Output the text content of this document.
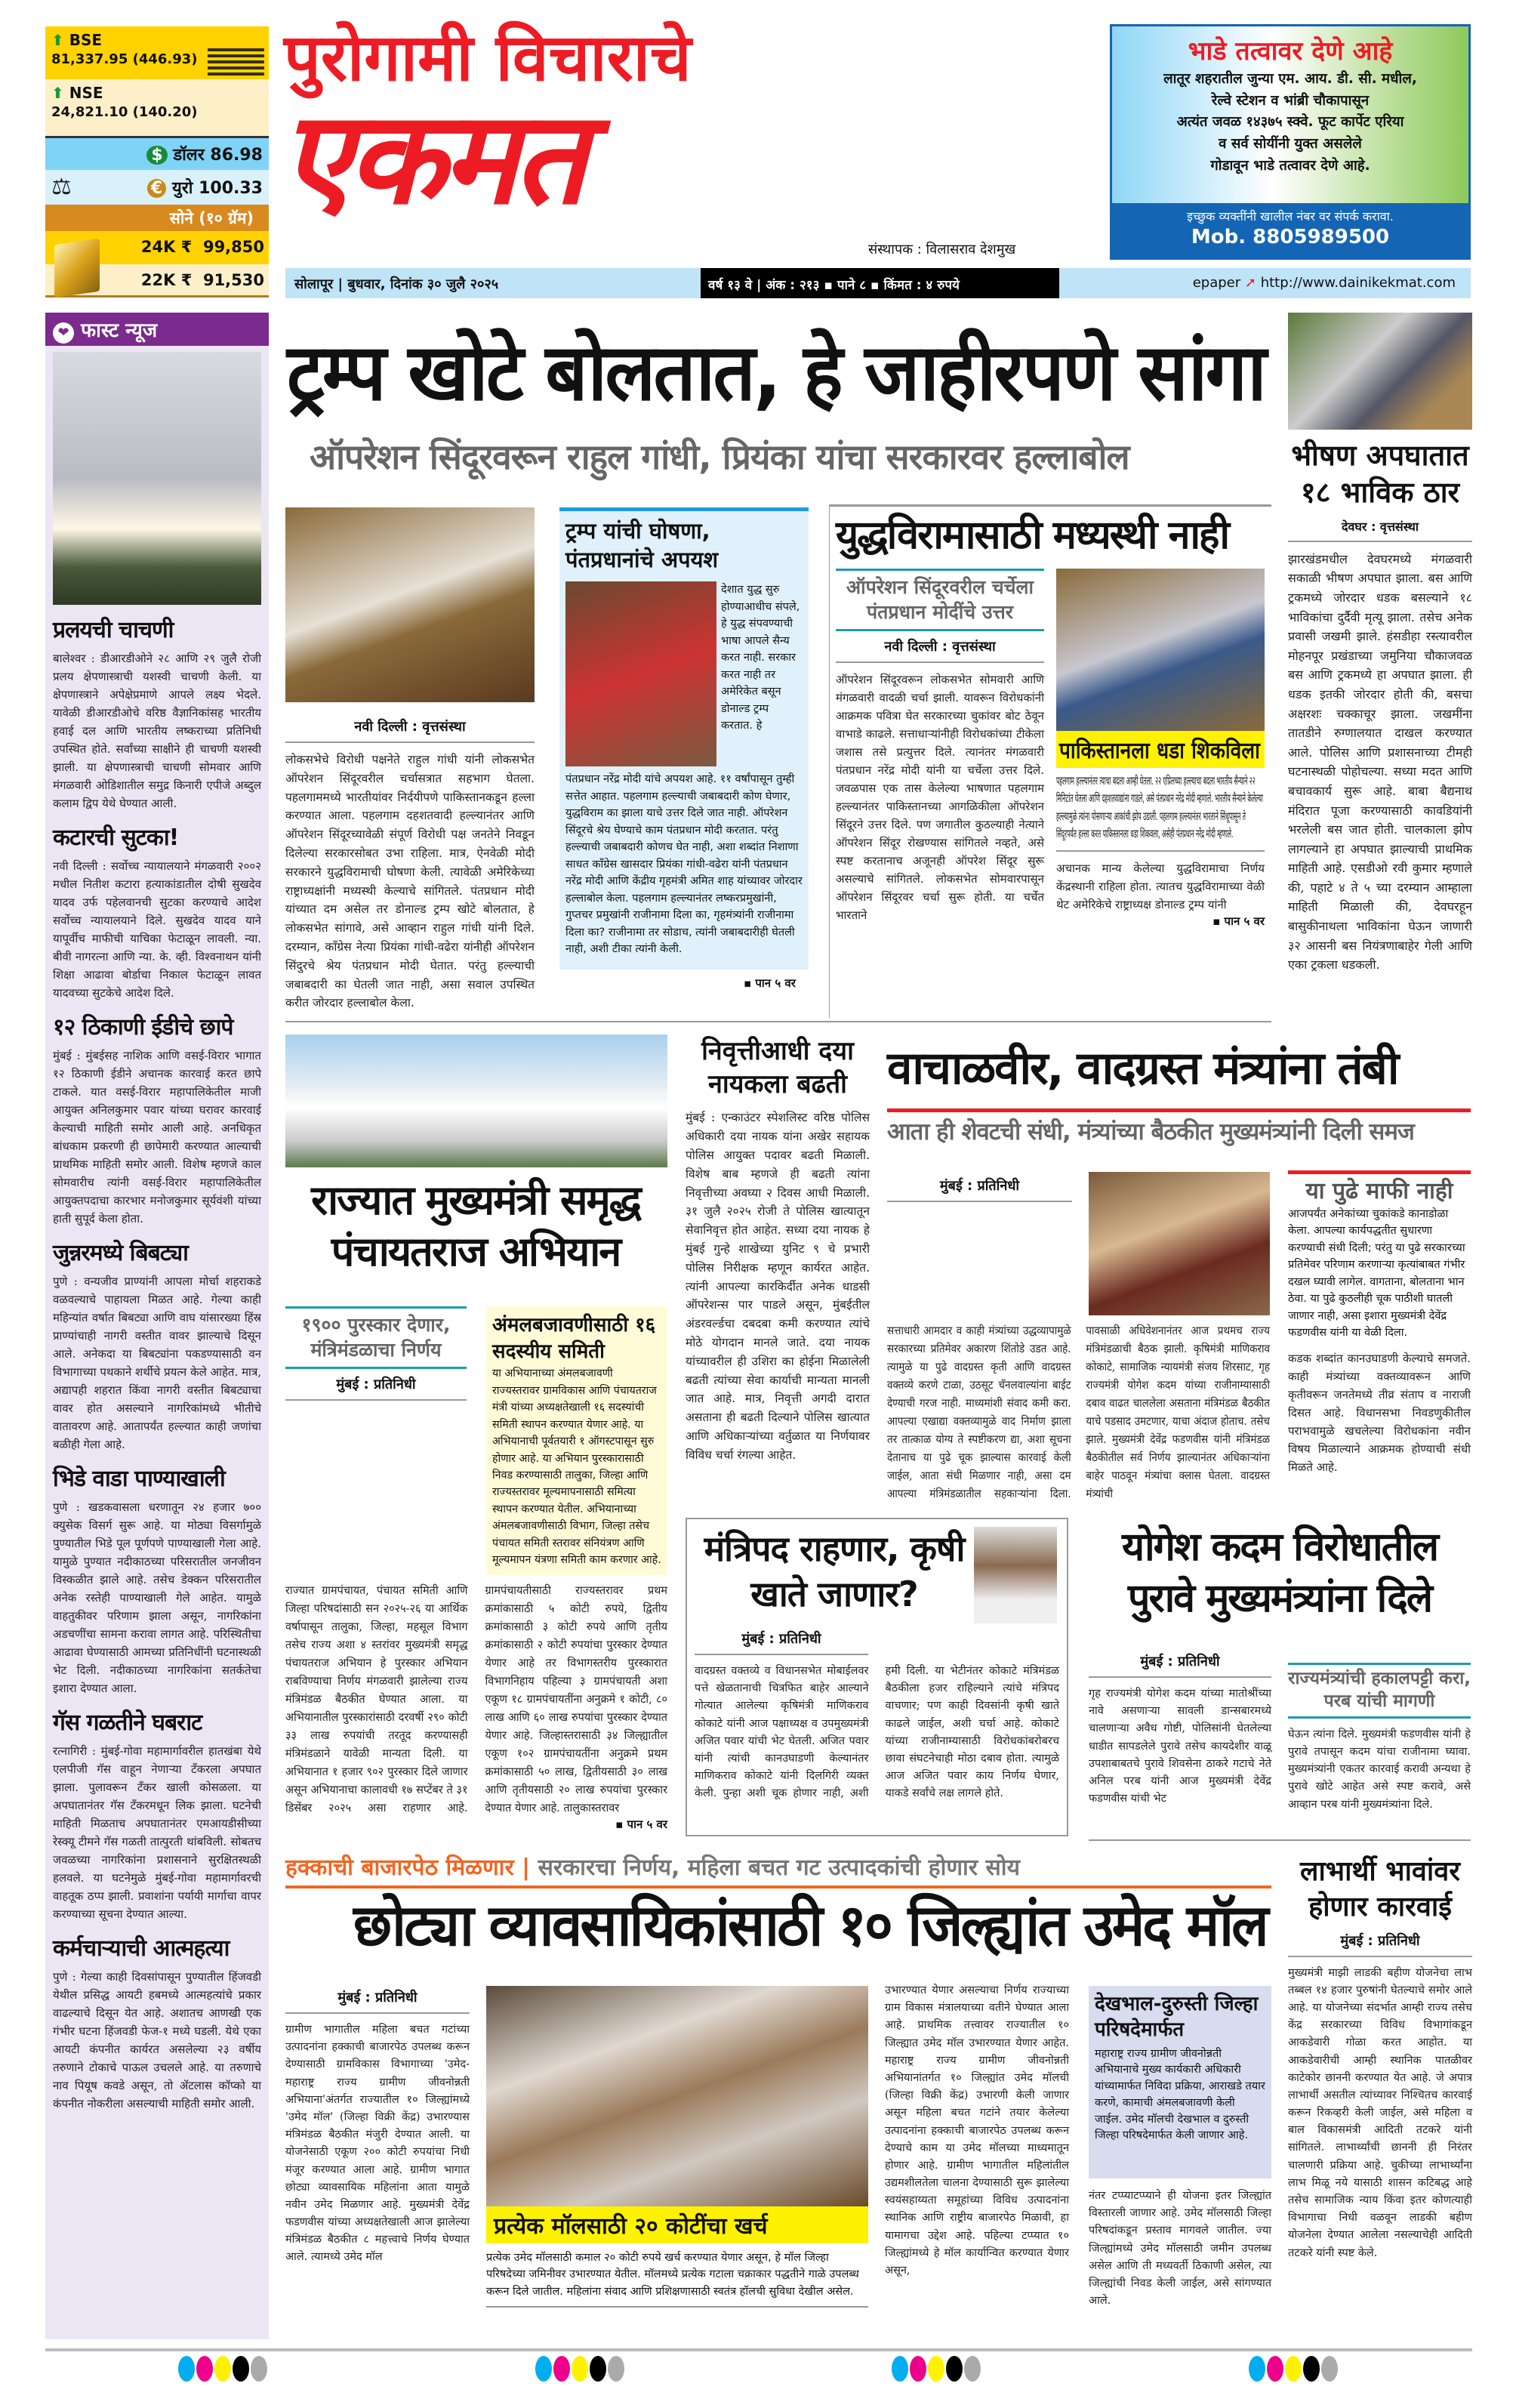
⬆ BSE
81,337.95 (446.93)
⬆ NSE
24,821.10 (140.20)
$ डॉलर 86.98
€ युरो 100.33
⚖
सोने (१० ग्रॅम)
24K ₹ 99,850
22K ₹ 91,530
पुरोगामी विचाराचे
एकमत
संस्थापक : विलासराव देशमुख
भाडे तत्वावर देणे आहे
लातूर शहरातील जुन्या एम. आय. डी. सी. मधील,
रेल्वे स्टेशन व भांब्री चौकापासून
अत्यंत जवळ १४३७५ स्क्वे. फूट कार्पेट एरिया
व सर्व सोयींनी युक्त असलेले
गोडावून भाडे तत्वावर देणे आहे.
इच्छुक व्यक्तींनी खालील नंबर वर संपर्क करावा.
Mob. 8805989500
सोलापूर | बुधवार, दिनांक ३० जुलै २०२५	वर्ष १३ वे | अंक : २१३ ▪ पाने ८ ▪ किंमत : ४ रुपये	epaper ➚ http://www.dainikekmat.com
❤ फास्ट न्यूज
प्रलयची चाचणी
बालेश्वर : डीआरडीओने २८ आणि २९ जुलै रोजी प्रलय क्षेपणास्त्राची यशस्वी चाचणी केली. या क्षेपणास्त्राने अपेक्षेप्रमाणे आपले लक्ष्य भेदले. यावेळी डीआरडीओचे वरिष्ठ वैज्ञानिकांसह भारतीय हवाई दल आणि भारतीय लष्कराच्या प्रतिनिधी उपस्थित होते. सर्वांच्या साक्षीने ही चाचणी यशस्वी झाली. या क्षेपणास्त्राची चाचणी सोमवार आणि मंगळवारी ओडिशातील समुद्र किनारी एपीजे अब्दुल कलाम द्विप येथे घेण्यात आली.
कटारची सुटका!
नवी दिल्ली : सर्वोच्च न्यायालयाने मंगळवारी २००२ मधील नितीश कटारा हत्याकांडातील दोषी सुखदेव यादव उर्फ पहेलवानची सुटका करण्याचे आदेश सर्वोच्च न्यायालयाने दिले. सुखदेव यादव याने यापूर्वीच माफीची याचिका फेटाळून लावली. न्या. बीवी नागरत्ना आणि न्या. के. व्ही. विश्वनाथन यांनी शिक्षा आढावा बोर्डाचा निकाल फेटाळून लावत यादवच्या सुटकेचे आदेश दिले.
१२ ठिकाणी ईडीचे छापे
मुंबई : मुंबईसह नाशिक आणि वसई-विरार भागात १२ ठिकाणी ईडीने अचानक कारवाई करत छापे टाकले. यात वसई-विरार महापालिकेतील माजी आयुक्त अनिलकुमार पवार यांच्या घरावर कारवाई केल्याची माहिती समोर आली आहे. अनधिकृत बांधकाम प्रकरणी ही छापेमारी करण्यात आल्याची प्राथमिक माहिती समोर आली. विशेष म्हणजे काल सोमवारीच त्यांनी वसई-विरार महापालिकेतील आयुक्तपदाचा कारभार मनोजकुमार सूर्यवंशी यांच्या हाती सुपूर्द केला होता.
जुन्नरमध्ये बिबट्या
पुणे : वन्यजीव प्राण्यांनी आपला मोर्चा शहराकडे वळवल्याचे पाहायला मिळत आहे. गेल्या काही महिन्यांत वर्षात बिबट्या आणि वाघ यांसारख्या हिंस्र प्राण्यांचाही नागरी वस्तीत वावर झाल्याचे दिसून आले. अनेकदा या बिबट्यांना पकडण्यासाठी वन विभागाच्या पथकाने शर्थीचे प्रयत्न केले आहेत. मात्र, अद्यापही शहरात किंवा नागरी वस्तीत बिबट्याचा वावर होत असल्याने नागरिकांमध्ये भीतीचे वातावरण आहे. आतापर्यंत हल्ल्यात काही जणांचा बळीही गेला आहे.
भिडे वाडा पाण्याखाली
पुणे : खडकवासला धरणातून २४ हजार ७०० क्युसेक विसर्ग सुरू आहे. या मोठ्या विसर्गामुळे पुण्यातील भिडे पूल पूर्णपणे पाण्याखाली गेला आहे. यामुळे पुण्यात नदीकाठच्या परिसरातील जनजीवन विस्कळीत झाले आहे. तसेच डेक्कन परिसरातील अनेक रस्तेही पाण्याखाली गेले आहेत. यामुळे वाहतुकीवर परिणाम झाला असून, नागरिकांना अडचणींचा सामना करावा लागत आहे. परिस्थितीचा आढावा घेण्यासाठी आमच्या प्रतिनिधींनी घटनास्थळी भेट दिली. नदीकाठच्या नागरिकांना सतर्कतेचा इशारा देण्यात आला.
गॅस गळतीने घबराट
रत्नागिरी : मुंबई-गोवा महामार्गावरील हातखंबा येथे एलपीजी गॅस वाहून नेणाऱ्या टँकरला अपघात झाला. पुलावरून टँकर खाली कोसळला. या अपघातानंतर गॅस टँकरमधून लिक झाला. घटनेची माहिती मिळताच अपघातानंतर एमआयडीसीच्या रेस्क्यू टीमने गॅस गळती तात्पुरती थांबविली. सोबतच जवळच्या नागरिकांना प्रशासनाने सुरक्षितस्थळी हलवले. या घटनेमुळे मुंबई-गोवा महामार्गावरची वाहतूक ठप्प झाली. प्रवाशांना पर्यायी मार्गाचा वापर करण्याच्या सूचना देण्यात आल्या.
कर्मचाऱ्याची आत्महत्या
पुणे : गेल्या काही दिवसांपासून पुण्यातील हिंजवडी येथील प्रसिद्ध आयटी हबमध्ये आत्महत्यांचे प्रकार वाढल्याचे दिसून येत आहे. अशातच आणखी एक गंभीर घटना हिंजवडी फेज-१ मध्ये घडली. येथे एका आयटी कंपनीत कार्यरत असलेल्या २३ वर्षीय तरुणाने टोकाचे पाऊल उचलले आहे. या तरुणाचे नाव पियूष कवडे असून, तो ॲटलास कॉप्को या कंपनीत नोकरीला असल्याची माहिती समोर आली.
ट्रम्प खोटे बोलतात, हे जाहीरपणे सांगा
ऑपरेशन सिंदूरवरून राहुल गांधी, प्रियंका यांचा सरकारवर हल्लाबोल	भीषण अपघातात १८ भाविक ठार
देवघर : वृत्तसंस्था
झारखंडमधील देवघरमध्ये मंगळवारी सकाळी भीषण अपघात झाला. बस आणि ट्रकमध्ये जोरदार धडक बसल्याने १८ भाविकांचा दुर्दैवी मृत्यू झाला. तसेच अनेक प्रवासी जखमी झाले. हंसडीहा रस्त्यावरील मोहनपूर प्रखंडाच्या जमुनिया चौकाजवळ बस आणि ट्रकमध्ये हा अपघात झाला. ही धडक इतकी जोरदार होती की, बसचा अक्षरशः चक्काचूर झाला. जखमींना तातडीने रुग्णालयात दाखल करण्यात आले. पोलिस आणि प्रशासनाच्या टीमही घटनास्थळी पोहोचल्या. सध्या मदत आणि बचावकार्य सुरू आहे. बाबा बैद्यनाथ मंदिरात पूजा करण्यासाठी कावडियांनी भरलेली बस जात होती. चालकाला झोप लागल्याने हा अपघात झाल्याची प्राथमिक माहिती आहे. एसडीओ रवी कुमार म्हणाले की, पहाटे ४ ते ५ च्या दरम्यान आम्हाला माहिती मिळाली की, देवघरहून बासुकीनाथला भाविकांना घेऊन जाणारी ३२ आसनी बस नियंत्रणाबाहेर गेली आणि एका ट्रकला धडकली.
नवी दिल्ली : वृत्तसंस्था
लोकसभेचे विरोधी पक्षनेते राहुल गांधी यांनी लोकसभेत ऑपरेशन सिंदूरवरील चर्चासत्रात सहभाग घेतला. पहलगाममध्ये भारतीयांवर निर्दयीपणे पाकिस्तानकडून हल्ला करण्यात आला. पहलगाम दहशतवादी हल्ल्यानंतर आणि ऑपरेशन सिंदूरच्यावेळी संपूर्ण विरोधी पक्ष जनतेने निवडून दिलेल्या सरकारसोबत उभा राहिला. मात्र, ऐनवेळी मोदी सरकारने युद्धविरामाची घोषणा केली. त्यावेळी अमेरिकेच्या राष्ट्राध्यक्षांनी मध्यस्थी केल्याचे सांगितले. पंतप्रधान मोदी यांच्यात दम असेल तर डोनाल्ड ट्रम्प खोटे बोलतात, हे लोकसभेत सांगावे, असे आव्हान राहुल गांधी यांनी दिले. दरम्यान, कॉंग्रेस नेत्या प्रियंका गांधी-वढेरा यांनीही ऑपरेशन सिंदुरचे श्रेय पंतप्रधान मोदी घेतात. परंतु हल्ल्याची जबाबदारी का घेतली जात नाही, असा सवाल उपस्थित करीत जोरदार हल्लाबोल केला.
ट्रम्प यांची घोषणा, पंतप्रधानांचे अपयश
देशात युद्ध सुरु होण्याआधीच संपले, हे युद्ध संपवण्याची भाषा आपले सैन्य करत नाही. सरकार करत नाही तर अमेरिकेत बसून डोनाल्ड ट्रम्प करतात. हे
पंतप्रधान नरेंद्र मोदी यांचे अपयश आहे. ११ वर्षांपासून तुम्ही सत्तेत आहात. पहलगाम हल्ल्याची जबाबदारी कोण घेणार, युद्धविराम का झाला याचे उत्तर दिले जात नाही. ऑपरेशन सिंदूरचे श्रेय घेण्याचे काम पंतप्रधान मोदी करतात. परंतु हल्ल्याची जबाबदारी कोणच घेत नाही, अशा शब्दांत निशाणा साधत कॉंग्रेस खासदार प्रियंका गांधी-वढेरा यांनी पंतप्रधान नरेंद्र मोदी आणि केंद्रीय गृहमंत्री अमित शाह यांच्यावर जोरदार हल्लाबोल केला. पहलगाम हल्ल्यानंतर लष्करप्रमुखांनी, गुप्तचर प्रमुखांनी राजीनामा दिला का, गृहमंत्र्यांनी राजीनामा दिला का? राजीनामा तर सोडाच, त्यांनी जबाबदारीही घेतली नाही, अशी टीका त्यांनी केली.
▪ पान ५ वर
युद्धविरामासाठी मध्यस्थी नाही
ऑपरेशन सिंदूरवरील चर्चेला पंतप्रधान मोदींचे उत्तर
नवी दिल्ली : वृत्तसंस्था
ऑपरेशन सिंदूरवरून लोकसभेत सोमवारी आणि मंगळवारी वादळी चर्चा झाली. यावरून विरोधकांनी आक्रमक पवित्रा घेत सरकारच्या चुकांवर बोट ठेवून वाभाडे काढले. सत्ताधाऱ्यांनीही विरोधकांच्या टीकेला जशास तसे प्रत्युत्तर दिले. त्यानंतर मंगळवारी पंतप्रधान नरेंद्र मोदी यांनी या चर्चेला उत्तर दिले. जवळपास एक तास केलेल्या भाषणात पहलगाम हल्ल्यानंतर पाकिस्तानच्या आगळिकीला ऑपरेशन सिंदूरने उत्तर दिले. पण जगातील कुठल्याही नेत्याने ऑपरेशन सिंदूर रोखण्यास सांगितले नव्हते, असे स्पष्ट करतानाच अजूनही ऑपरेश सिंदूर सुरू असल्याचे सांगितले. लोकसभेत सोमवारपासून ऑपरेशन सिंदूरवर चर्चा सुरू होती. या चर्चेत भारताने
पाकिस्तानला धडा शिकविला
पहलगाम हल्ल्यानंतर त्याचा बदला आम्ही घेतला. २२ एप्रिलच्या हल्ल्याचा बदला भारतीय सैन्याने २२ मिनिटांत घेतला आणि दहशतवाद्यांना गाडले, असे पंतप्रधान नरेंद्र मोदी म्हणाले. भारतीय सैन्याने केलेल्या हल्ल्यामुळे त्यांना पोसणाऱ्या आकांची झोप उडाली. पहलगाम हल्ल्यानंतर भारताने सिंधूपासून ते सिंदूरपर्यंत हल्ला करत पाकिस्तानला धडा शिकवला, असेही पंतप्रधान नरेंद्र मोदी म्हणाले.
अचानक मान्य केलेल्या युद्धविरामाचा निर्णय केंद्रस्थानी राहिला होता. त्यातच युद्धविरामाच्या वेळी थेट अमेरिकेचे राष्ट्राध्यक्ष डोनाल्ड ट्रम्प यांनी
▪ पान ५ वर
राज्यात मुख्यमंत्री समृद्ध पंचायतराज अभियान
१९०० पुरस्कार देणार, मंत्रिमंडळाचा निर्णय
मुंबई : प्रतिनिधी
अंमलबजावणीसाठी १६ सदस्यीय समिती
या अभियानाच्या अंमलबजावणी राज्यस्तरावर ग्रामविकास आणि पंचायतराज मंत्री यांच्या अध्यक्षतेखाली १६ सदस्यांची समिती स्थापन करण्यात येणार आहे. या अभियानाची पूर्वतयारी १ ऑगस्टपासून सुरु होणार आहे. या अभियान पुरस्कारासाठी निवड करण्यासाठी तालुका, जिल्हा आणि राज्यस्तरावर मूल्यमापनासाठी समित्या स्थापन करण्यात येतील. अभियानाच्या अंमलबजावणीसाठी विभाग, जिल्हा तसेच पंचायत समिती स्तरावर संनियंत्रण आणि मूल्यमापन यंत्रणा समिती काम करणार आहे.
राज्यात ग्रामपंचायत, पंचायत समिती आणि जिल्हा परिषदांसाठी सन २०२५-२६ या आर्थिक वर्षापासून तालुका, जिल्हा, महसूल विभाग तसेच राज्य अशा ४ स्तरांवर मुख्यमंत्री समृद्ध पंचायतराज अभियान हे पुरस्कार अभियान राबविण्याचा निर्णय मंगळवारी झालेल्या राज्य मंत्रिमंडळ बैठकीत घेण्यात आला. या अभियानातील पुरस्कारांसाठी दरवर्षी २९० कोटी ३३ लाख रुपयांची तरतूद करण्यासही मंत्रिमंडळाने यावेळी मान्यता दिली. या अभियानात १ हजार ९०२ पुरस्कार दिले जाणार असून अभियानाचा कालावधी १७ सप्टेंबर ते ३१ डिसेंबर २०२५ असा राहणार आहे. ग्रामपंचायतीसाठी राज्यस्तरावर प्रथम क्रमांकासाठी ५ कोटी रुपये, द्वितीय क्रमांकासाठी ३ कोटी रुपये आणि तृतीय क्रमांकासाठी २ कोटी रुपयांचा पुरस्कार देण्यात येणार आहे तर विभागस्तरीय पुरस्कारात विभागनिहाय पहिल्या ३ ग्रामपंचायती अशा एकूण १८ ग्रामपंचायतींना अनुक्रमे १ कोटी, ८० लाख आणि ६० लाख रुपयांचा पुरस्कार देण्यात येणार आहे. जिल्हास्तरासाठी ३४ जिल्ह्यातील एकूण १०२ ग्रामपंचायतींना अनुक्रमे प्रथम क्रमांकासाठी ५० लाख, द्वितीयसाठी ३० लाख आणि तृतीयसाठी २० लाख रुपयांचा पुरस्कार देण्यात येणार आहे. तालुकास्तरावर
▪ पान ५ वर
निवृत्तीआधी दया नायकला बढती
मुंबई : एन्काउंटर स्पेशलिस्ट वरिष्ठ पोलिस अधिकारी दया नायक यांना अखेर सहायक पोलिस आयुक्त पदावर बढती मिळाली. विशेष बाब म्हणजे ही बढती त्यांना निवृत्तीच्या अवघ्या २ दिवस आधी मिळाली. ३१ जुलै २०२५ रोजी ते पोलिस खात्यातून सेवानिवृत्त होत आहेत. सध्या दया नायक हे मुंबई गुन्हे शाखेच्या युनिट ९ चे प्रभारी पोलिस निरीक्षक म्हणून कार्यरत आहेत. त्यांनी आपल्या कारकिर्दीत अनेक धाडसी ऑपरेशन्स पार पाडले असून, मुंबईतील अंडरवर्ल्डचा दबदबा कमी करण्यात त्यांचे मोठे योगदान मानले जाते. दया नायक यांच्यावरील ही उशिरा का होईना मिळालेली बढती त्यांच्या सेवा कार्याची मान्यता मानली जात आहे. मात्र, निवृत्ती अगदी दारात असताना ही बढती दिल्याने पोलिस खात्यात आणि अधिकाऱ्यांच्या वर्तुळात या निर्णयावर विविध चर्चा रंगल्या आहेत.
वाचाळवीर, वादग्रस्त मंत्र्यांना तंबी
आता ही शेवटची संधी, मंत्र्यांच्या बैठकीत मुख्यमंत्र्यांनी दिली समज
मुंबई : प्रतिनिधी	या पुढे माफी नाही
आजपर्यंत अनेकांच्या चुकांकडे कानाडोळा केला. आपल्या कार्यपद्धतीत सुधारणा करण्याची संधी दिली; परंतु या पुढे सरकारच्या प्रतिमेवर परिणाम करणाऱ्या कृत्यांबाबत गंभीर दखल घ्यावी लागेल. वागताना, बोलताना भान ठेवा. या पुढे कुठलीही चूक पाठीशी घातली जाणार नाही, असा इशारा मुख्यमंत्री देवेंद्र फडणवीस यांनी या वेळी दिला.
कडक शब्दांत कानउघाडणी केल्याचे समजते. काही मंत्र्यांच्या वक्तव्यावरून आणि कृतीवरून जनतेमध्ये तीव्र संताप व नाराजी दिसत आहे. विधानसभा निवडणुकीतील पराभवामुळे खचलेल्या विरोधकांना नवीन विषय मिळाल्याने आक्रमक होण्याची संधी मिळते आहे.
सत्ताधारी आमदार व काही मंत्र्यांच्या उद्धव्यापामुळे सरकारच्या प्रतिमेवर अकारण शिंतोडे उडत आहे. त्यामुळे या पुढे वादग्रस्त कृती आणि वादग्रस्त वक्तव्ये करणे टाळा, उठसूट चॅनलवाल्यांना बाईट देण्याची गरज नाही. माध्यमांशी संवाद कमी करा. आपल्या एखाद्या वक्तव्यामुळे वाद निर्माण झाला तर तात्काळ योग्य ते स्पष्टीकरण द्या, अशा सूचना देतानाच या पुढे चूक झाल्यास कारवाई केली जाईल, आता संधी मिळणार नाही, असा दम आपल्या मंत्रिमंडळातील सहकाऱ्यांना दिला. पावसाळी अधिवेशनानंतर आज प्रथमच राज्य मंत्रिमंडळाची बैठक झाली. कृषिमंत्री माणिकराव कोकाटे, सामाजिक न्यायमंत्री संजय शिरसाट, गृह राज्यमंत्री योगेश कदम यांच्या राजीनाम्यासाठी दबाव वाढत चाललेला असताना मंत्रिमंडळ बैठकीत याचे पडसाद उमटणार, याचा अंदाज होताच. तसेच झाले. मुख्यमंत्री देवेंद्र फडणवीस यांनी मंत्रिमंडळ बैठकीतील सर्व निर्णय झाल्यानंतर अधिकाऱ्यांना बाहेर पाठवून मंत्र्यांचा क्लास घेतला. वादग्रस्त मंत्र्यांची
मंत्रिपद राहणार, कृषी खाते जाणार?
मुंबई : प्रतिनिधी
वादग्रस्त वक्तव्ये व विधानसभेत मोबाईलवर पत्ते खेळतानाची चित्रफित बाहेर आल्याने गोत्यात आलेल्या कृषिमंत्री माणिकराव कोकाटे यांनी आज पक्षाध्यक्ष व उपमुख्यमंत्री अजित पवार यांची भेट घेतली. अजित पवार यांनी त्यांची कानउघाडणी केल्यानंतर माणिकराव कोकाटे यांनी दिलगिरी व्यक्त केली. पुन्हा अशी चूक होणार नाही, अशी हमी दिली. या भेटीनंतर कोकाटे मंत्रिमंडळ बैठकीला हजर राहिल्याने त्यांचे मंत्रिपद वाचणार; पण काही दिवसांनी कृषी खाते काढले जाईल, अशी चर्चा आहे. कोकाटे यांच्या राजीनाम्यासाठी विरोधकांबरोबरच छावा संघटनेचाही मोठा दबाव होता. त्यामुळे आज अजित पवार काय निर्णय घेणार, याकडे सर्वांचे लक्ष लागले होते.
योगेश कदम विरोधातील पुरावे मुख्यमंत्र्यांना दिले
मुंबई : प्रतिनिधी
गृह राज्यमंत्री योगेश कदम यांच्या मातोश्रींच्या नावे असणाऱ्या सावली डान्सबारमध्ये चालणाऱ्या अवैध गोष्टी, पोलिसांनी घेतलेल्या धाडीत सापडलेले पुरावे तसेच कायदेशीर वाळू उपशाबाबतचे पुरावे शिवसेना ठाकरे गटाचे नेते अनिल परब यांनी आज मुख्यमंत्री देवेंद्र फडणवीस यांची भेट
राज्यमंत्र्यांची हकालपट्टी करा, परब यांची मागणी
घेऊन त्यांना दिले. मुख्यमंत्री फडणवीस यांनी हे पुरावे तपासून कदम यांचा राजीनामा घ्यावा. मुख्यमंत्र्यांनी एकतर कारवाई करावी अन्यथा हे पुरावे खोटे आहेत असे स्पष्ट करावे, असे आव्हान परब यांनी मुख्यमंत्र्यांना दिले.
हक्काची बाजारपेठ मिळणार | सरकारचा निर्णय, महिला बचत गट उत्पादकांची होणार सोय
छोट्या व्यावसायिकांसाठी १० जिल्ह्यांत उमेद मॉल
मुंबई : प्रतिनिधी
ग्रामीण भागातील महिला बचत गटांच्या उत्पादनांना हक्काची बाजारपेठ उपलब्ध करून देण्यासाठी ग्रामविकास विभागाच्या 'उमेद-महाराष्ट्र राज्य ग्रामीण जीवनोन्नती अभियाना'अंतर्गत राज्यातील १० जिल्ह्यांमध्ये 'उमेद मॉल' (जिल्हा विक्री केंद्र) उभारण्यास मंत्रिमंडळ बैठकीत मंजुरी देण्यात आली. या योजनेसाठी एकूण २०० कोटी रुपयांचा निधी मंजूर करण्यात आला आहे. ग्रामीण भागात छोट्या व्यावसायिक महिलांना आता यामुळे नवीन उमेद मिळणार आहे. मुख्यमंत्री देवेंद्र फडणवीस यांच्या अध्यक्षतेखाली आज झालेल्या मंत्रिमंडळ बैठकीत ८ महत्त्वाचे निर्णय घेण्यात आले. त्यामध्ये उमेद मॉल
प्रत्येक मॉलसाठी २० कोटींचा खर्च
प्रत्येक उमेद मॉलसाठी कमाल २० कोटी रुपये खर्च करण्यात येणार असून, हे मॉल जिल्हा परिषदेच्या जमिनीवर उभारण्यात येतील. मॉलमध्ये प्रत्येक गटाला चक्राकार पद्धतीने गाळे उपलब्ध करून दिले जातील. महिलांना संवाद आणि प्रशिक्षणासाठी स्वतंत्र हॉलची सुविधा देखील असेल.
उभारण्यात येणार असल्याचा निर्णय राज्याच्या ग्राम विकास मंत्रालयाच्या वतीने घेण्यात आला आहे. प्राथमिक तत्त्वावर राज्यातील १० जिल्ह्यात उमेद मॉल उभारण्यात येणार आहेत. महाराष्ट्र राज्य ग्रामीण जीवनोन्नती अभियानांतर्गत १० जिल्ह्यांत उमेद मॉलची (जिल्हा विक्री केंद्र) उभारणी केली जाणार असून महिला बचत गटांने तयार केलेल्या उत्पादनांना हक्काची बाजारपेठ उपलब्ध करून देण्याचे काम या उमेद मॉलच्या माध्यमातून होणार आहे. ग्रामीण भागातील महिलांतील उद्यमशीलतेला चालना देण्यासाठी सुरू झालेल्या स्वयंसहाय्यता समूहांच्या विविध उत्पादनांना स्थानिक आणि राष्ट्रीय बाजारपेठ मिळावी, हा यामागचा उद्देश आहे. पहिल्या टप्प्यात १० जिल्ह्यांमध्ये हे मॉल कार्यान्वित करण्यात येणार असून,
देखभाल-दुरुस्ती जिल्हा परिषदेमार्फत
महाराष्ट्र राज्य ग्रामीण जीवनोन्नती अभियानाचे मुख्य कार्यकारी अधिकारी यांच्यामार्फत निविदा प्रक्रिया, आराखडे तयार करणे, कामाची अंमलबजावणी केली जाईल. उमेद मॉलची देखभाल व दुरुस्ती जिल्हा परिषदेमार्फत केली जाणार आहे.
नंतर टप्प्याटप्प्याने ही योजना इतर जिल्ह्यांत विस्तारली जाणार आहे. उमेद मॉलसाठी जिल्हा परिषदांकडून प्रस्ताव मागवले जातील. ज्या जिल्ह्यांमध्ये उमेद मॉलसाठी जमीन उपलब्ध असेल आणि ती मध्यवर्ती ठिकाणी असेल, त्या जिल्ह्यांची निवड केली जाईल, असे सांगण्यात आले.
लाभार्थी भावांवर होणार कारवाई
मुंबई : प्रतिनिधी
मुख्यमंत्री माझी लाडकी बहीण योजनेचा लाभ तब्बल १४ हजार पुरुषांनी घेतल्याचे समोर आले आहे. या योजनेच्या संदर्भात आम्ही राज्य तसेच केंद्र सरकारच्या विविध विभागांकडून आकडेवारी गोळा करत आहोत. या आकडेवारीची आम्ही स्थानिक पातळीवर काटेकोर छाननी करण्यात येत आहे. जे अपात्र लाभार्थी असतील त्यांच्यावर निश्चितच कारवाई करून रिकव्हरी केली जाईल, असे महिला व बाल विकासमंत्री आदिती तटकरे यांनी सांगितले. लाभार्थ्यांची छाननी ही निरंतर चालणारी प्रक्रिया आहे. चुकीच्या लाभार्थ्यांना लाभ मिळू नये यासाठी शासन कटिबद्ध आहे तसेच सामाजिक न्याय किंवा इतर कोणत्याही विभागाचा निधी वळवून लाडकी बहीण योजनेला देण्यात आलेला नसल्याचेही आदिती तटकरे यांनी स्पष्ट केले.
